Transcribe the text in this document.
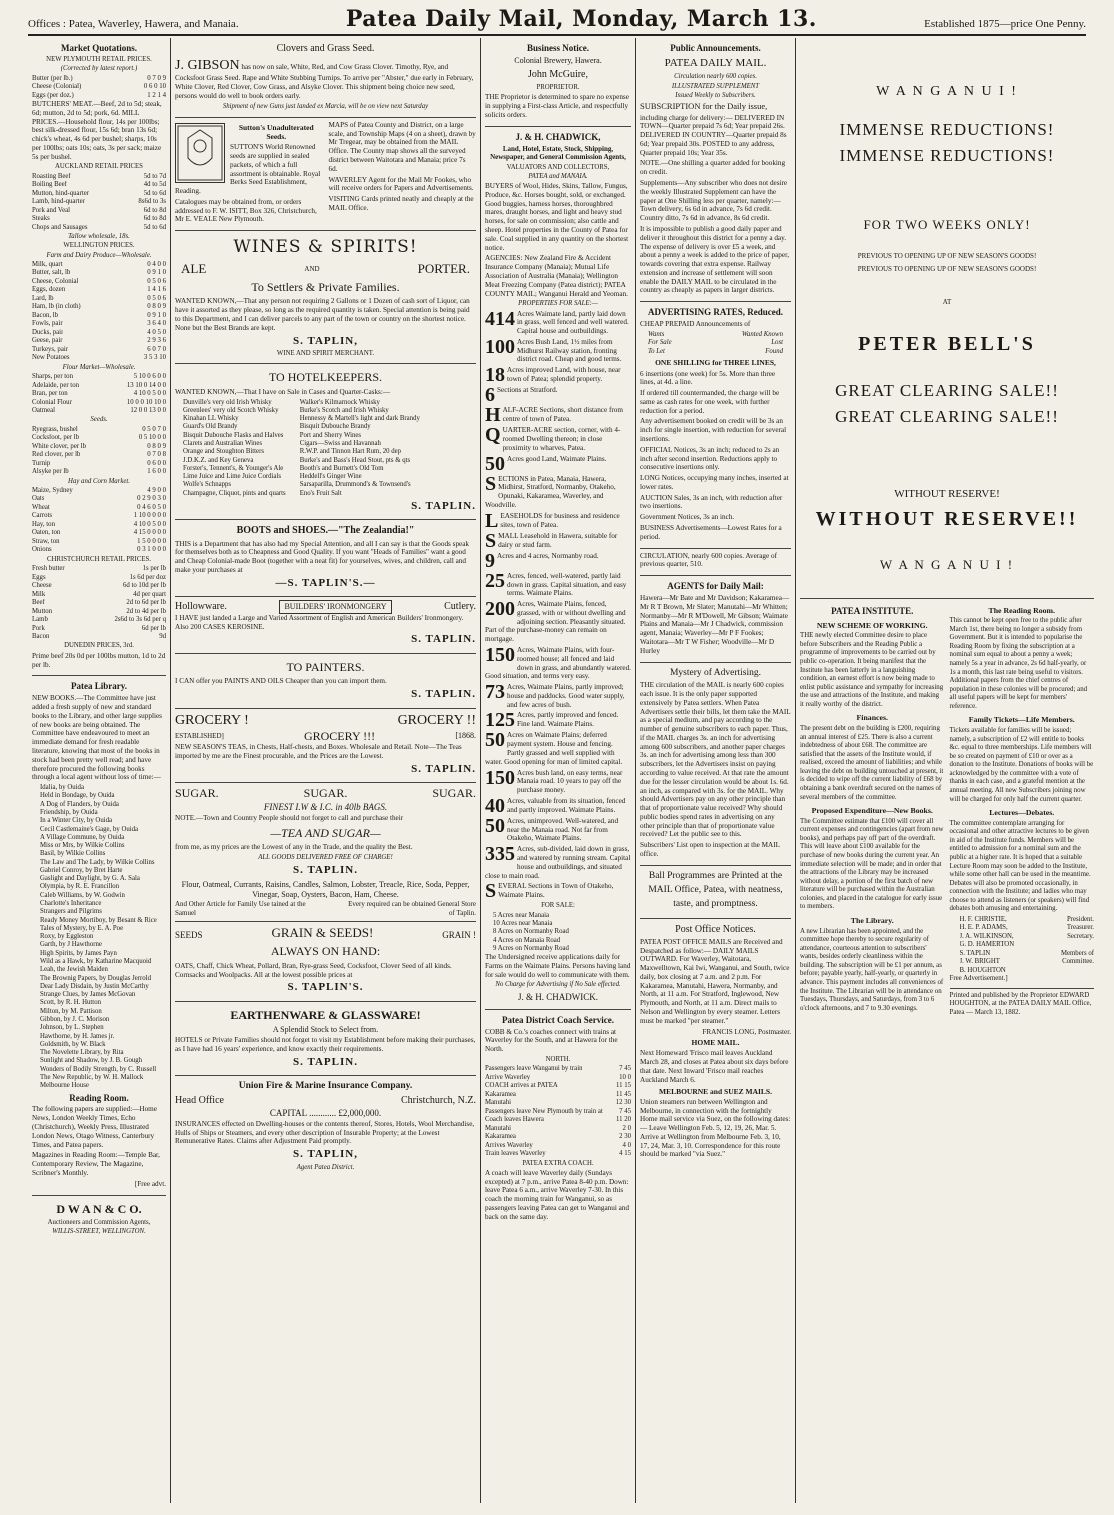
Offices : Patea, Waverley, Hawera, and Manaia.	Patea Daily Mail, Monday, March 13.	Established 1875—price One Penny.
Market Quotations.
NEW PLYMOUTH RETAIL PRICES.
(Corrected by latest report.)
Butter (per lb.)	0 7 0 9
Cheese (Colonial)	0 6 0 10
Eggs (per doz.)	1 2 1 4

BUTCHERS' MEAT.—Beef, 2d to 5d; steak, 6d; mutton, 2d to 5d; pork, 6d. MILL PRICES.—Household flour, 14s per 100lbs; best silk-dressed flour, 15s 6d; bran 13s 6d; chick's wheat, 4s 6d per bushel; sharps, 10s per 100lbs; oats 10s; oats, 3s per sack; maize 5s per bushel.

AUCKLAND RETAIL PRICES
Roasting Beef	5d to 7d
Boiling Beef	4d to 5d
Mutton, hind-quarter	5d to 6d
Lamb, hind-quarter	8s6d to 3s
Pork and Veal	6d to 8d
Steaks	6d to 8d
Chops and Sausages	5d to 6d
Tallow wholesale, 18s.
WELLINGTON PRICES.
Farm and Dairy Produce—Wholesale.
Milk, quart	0 4 0 0
Butter, salt, lb	0 9 1 0
Cheese, Colonial	0 5 0 6
Eggs, dozen	1 4 1 6
Lard, lb	0 5 0 6
Ham, lb (in cloth)	0 8 0 9
Bacon, lb	0 9 1 0
Fowls, pair	3 6 4 0
Ducks, pair	4 0 5 0
Geese, pair	2 9 3 6
Turkeys, pair	6 0 7 0
New Potatoes	3 5 3 10
Flour Market—Wholesale.
Sharps, per ton	5 10 0 6 0 0
Adelaide, per ton	13 10 0 14 0 0
Bran, per ton	4 10 0 5 0 0
Colonial Flour	10 0 0 10 10 0
Oatmeal	12 0 0 13 0 0
Seeds.
Ryegrass, bushel	0 5 0 7 0
Cocksfoot, per lb	0 5 10 0 0
White clover, per lb	0 8 0 9
Red clover, per lb	0 7 0 8
Turnip	0 6 0 0
Alsyke per lb	1 6 0 0
Hay and Corn Market.
Maize, Sydney	4 9 0 0
Oats	0 2 9 0 3 0
Wheat	0 4 6 0 5 0
Carrots	1 10 0 0 0 0
Hay, ton	4 10 0 5 0 0
Oaten, ton	4 15 0 0 0 0
Straw, ton	1 5 0 0 0 0
Onions	0 3 1 0 0 0
CHRISTCHURCH RETAIL PRICES.
Fresh butter	1s per lb
Eggs	1s 6d per doz
Cheese	6d to 10d per lb
Milk	4d per quart
Beef	2d to 6d per lb
Mutton	2d to 4d per lb
Lamb	2s6d to 3s 6d per q
Pork	6d per lb
Bacon	9d
DUNEDIN PRICES, 3rd.

Prime beef 20s 0d per 100lbs mutton, 1d to 2d per lb.

Patea Library.

NEW BOOKS.—The Committee have just added a fresh supply of new and standard books to the Library, and other large supplies of new books are being obtained. The Committee have endeavoured to meet an immediate demand for fresh readable literature, knowing that most of the books in stock had been pretty well read; and have therefore procured the following books through a local agent without loss of time:—

Idalia, by Ouida
Held in Bondage, by Ouida
A Dog of Flanders, by Ouida
Friendship, by Ouida
In a Winter City, by Ouida
Cecil Castlemaine's Gage, by Ouida
A Village Commune, by Ouida
Miss or Mrs, by Wilkie Collins
Basil, by Wilkie Collins
The Law and The Lady, by Wilkie Collins
Gabriel Conroy, by Bret Harte
Gaslight and Daylight, by G. A. Sala
Olympia, by R. E. Francillon
Caleb Williams, by W. Godwin
Charlotte's Inheritance
Strangers and Pilgrims
Ready Money Mortiboy, by Besant & Rice
Tales of Mystery, by E. A. Poe
Roxy, by Eggleston
Garth, by J Hawthorne
High Spirits, by James Payn
Wild as a Hawk, by Katharine Macquoid
Leah, the Jewish Maiden
The Brownig Papers, by Douglas Jerrold
Dear Lady Disdain, by Justin McCarthy
Strange Clues, by James McGovan
Scott, by R. H. Hutton
Milton, by M. Pattison
Gibbon, by J. C. Morison
Johnson, by L. Stephen
Hawthorne, by H. James jr.
Goldsmith, by W. Black
The Novelette Library, by Rita
Sunlight and Shadow, by J. B. Gough
Wonders of Bodily Strength, by C. Russell
The New Republic, by W. H. Mallock
Melbourne House
Reading Room.

The following papers are supplied:—Home News, London Weekly Times, Echo (Christchurch), Weekly Press, Illustrated London News, Otago Witness, Canterbury Times, and Patea papers.

Magazines in Reading Room:—Temple Bar, Contemporary Review, The Magazine, Scribner's Monthly.

[Free advt.

D W A N & C O.
Auctioneers and Commission Agents,
WILLIS-STREET, WELLINGTON.
Clovers and Grass Seed.

J. GIBSON has now on sale, White, Red, and Cow Grass Clover. Timothy, Rye, and Cocksfoot Grass Seed. Rape and White Stubbing Turnips. To arrive per "Abster," due early in February, White Clover, Red Clover, Cow Grass, and Alsyke Clover. This shipment being choice new seed, persons would do well to book orders early.

Shipment of new Guns just landed ex Marcia, will be on view next Saturday

Sutton's Unadulterated Seeds.

SUTTON'S World Renowned seeds are supplied in sealed packets, of which a full assortment is obtainable. Royal Berks Seed Establishment, Reading.

Catalogues may be obtained from, or orders addressed to F. W. ISITT, Box 326, Christchurch, Mr E. VEALE New Plymouth.

MAPS of Patea County and District, on a large scale, and Township Maps (4 on a sheet), drawn by Mr Tregear, may be obtained from the MAIL Office. The County map shows all the surveyed district between Waitotara and Manaia; price 7s 6d.

WAVERLEY Agent for the Mail Mr Fookes, who will receive orders for Papers and Advertisements.

VISITING Cards printed neatly and cheaply at the MAIL Office.

WINES & SPIRITS!
ALE	AND	PORTER.
To Settlers & Private Families.

WANTED KNOWN,—That any person not requiring 2 Gallons or 1 Dozen of cash sort of Liquor, can have it assorted as they please, so long as the required quantity is taken. Special attention is being paid to this Department, and I can deliver parcels to any part of the town or country on the shortest notice. None but the Best Brands are kept.

S. TAPLIN,
WINE AND SPIRIT MERCHANT.
TO HOTELKEEPERS.

WANTED KNOWN,—That I have on Sale in Cases and Quarter-Casks:—

Dunville's very old Irish Whisky
Greenlees' very old Scotch Whisky
Kinahan LL Whisky
Guard's Old Brandy
Bisquit Dubouche Flasks and Halves
Clarets and Australian Wines
Orange and Stoughton Bitters
J.D.K.Z. and Key Geneva
Forster's, Tennent's, & Younger's Ale
Lime Juice and Lime Juice Cordials
Wolfe's Schnapps
Champagne, Cliquot, pints and quarts
Walker's Kilmarnock Whisky
Burke's Scotch and Irish Whisky
Hennessy & Martell's light and dark Brandy
Bisquit Dubouche Brandy
Port and Sherry Wines
Cigars—Swiss and Havannah
R.W.P. and Tinnon Hart Rum, 20 dep
Burke's and Bass's Head Stout, pts & qts
Booth's and Burnett's Old Tom
Heddell's Ginger Wine
Sarsaparilla, Drummond's & Townsend's
Eno's Fruit Salt
S. TAPLIN.
BOOTS and SHOES.—"The Zealandia!"

THIS is a Department that has also had my Special Attention, and all I can say is that the Goods speak for themselves both as to Cheapness and Good Quality. If you want "Heads of Families" want a good and Cheap Colonial-made Boot (together with a neat fit) for yourselves, wives, and children, call and make your purchases at

—S. TAPLIN'S.—
Hollowware.	BUILDERS' IRONMONGERY	Cutlery.

I HAVE just landed a Large and Varied Assortment of English and American Builders' Ironmongery. Also 200 CASES KEROSINE.

S. TAPLIN.
TO PAINTERS.

I CAN offer you PAINTS AND OILS Cheaper than you can import them.

S. TAPLIN.
GROCERY !	GROCERY !!
ESTABLISHED]	GROCERY !!!	[1868.

NEW SEASON'S TEAS, in Chests, Half-chests, and Boxes. Wholesale and Retail. Note—The Teas imported by me are the Finest procurable, and the Prices are the Lowest.

S. TAPLIN.
SUGAR.	SUGAR.	SUGAR.
FINEST I.W & I.C. in 40lb BAGS.

NOTE.—Town and Country People should not forget to call and purchase their

—TEA AND SUGAR—

from me, as my prices are the Lowest of any in the Trade, and the quality the Best.

ALL GOODS DELIVERED FREE OF CHARGE!
S. TAPLIN.
Flour, Oatmeal, Currants, Raisins, Candles, Salmon, Lobster, Treacle, Rice, Soda, Pepper, Vinegar, Soap, Oysters, Bacon, Ham, Cheese.
And Other Article for Family Use tained at the Samuel
Every required can be obtained General Store of Taplin.
SEEDS	GRAIN & SEEDS!	GRAIN !
ALWAYS ON HAND:

OATS, Chaff, Chick Wheat, Pollard, Bran, Rye-grass Seed, Cocksfoot, Clover Seed of all kinds. Cornsacks and Woolpacks. All at the lowest possible prices at

S. TAPLIN'S.
EARTHENWARE & GLASSWARE!
A Splendid Stock to Select from.

HOTELS or Private Families should not forget to visit my Establishment before making their purchases, as I have had 16 years' experience, and know exactly their requirements.

S. TAPLIN.
Union Fire & Marine Insurance Company.
Head Office	Christchurch, N.Z.
CAPITAL ............ £2,000,000.

INSURANCES effected on Dwelling-houses or the contents thereof, Stores, Hotels, Wool Merchandise, Hulls of Ships or Steamers, and every other description of Insurable Property; at the Lowest Remunerative Rates. Claims after Adjustment Paid promptly.

S. TAPLIN,
Agent Patea District.
Business Notice.
Colonial Brewery, Hawera.
John McGuire,
PROPRIETOR.

THE Proprietor is determined to spare no expense in supplying a First-class Article, and respectfully solicits orders.

J. & H. CHADWICK,
Land, Hotel, Estate, Stock, Shipping, Newspaper, and General Commission Agents,
VALUATORS AND COLLECTORS,
PATEA and MANAIA.

BUYERS of Wool, Hides, Skins, Tallow, Fungus, Produce, &c. Horses bought, sold, or exchanged. Good buggies, harness horses, thoroughbred mares, draught horses, and light and heavy stud horses, for sale on commission; also cattle and sheep. Hotel properties in the County of Patea for sale. Coal supplied in any quantity on the shortest notice.

AGENCIES: New Zealand Fire & Accident Insurance Company (Manaia); Mutual Life Association of Australia (Manaia); Wellington Meat Freezing Company (Patea district); PATEA COUNTY MAIL; Wanganui Herald and Yeoman.

PROPERTIES FOR SALE:—

414 Acres Waimate land, partly laid down in grass, well fenced and well watered. Capital house and outbuildings.

100 Acres Bush Land, 1½ miles from Midhurst Railway station, fronting district road. Cheap and good terms.

18 Acres improved Land, with house, near town of Patea; splendid property.

6 Sections at Stratford.

HALF-ACRE Sections, short distance from centre of town of Patea.

QUARTER-ACRE section, corner, with 4-roomed Dwelling thereon; in close proximity to wharves, Patea.

50 Acres good Land, Waimate Plains.

SECTIONS in Patea, Manaia, Hawera, Midhirst, Stratford, Normanby, Otakeho, Opunaki, Kakaramea, Waverley, and Woodville.

LEASEHOLDS for business and residence sites, town of Patea.

SMALL Leasehold in Hawera, suitable for dairy or stud farm.

9 Acres and 4 acres, Normanby road.

25 Acres, fenced, well-watered, partly laid down in grass. Capital situation, and easy terms. Waimate Plains.

200 Acres, Waimate Plains, fenced, grassed, with or without dwelling and adjoining section. Pleasantly situated. Part of the purchase-money can remain on mortgage.

150 Acres, Waimate Plains, with four-roomed house; all fenced and laid down in grass, and abundantly watered. Good situation, and terms very easy.

73 Acres, Waimate Plains, partly improved; house and paddocks. Good water supply, and few acres of bush.

125 Acres, partly improved and fenced. Fine land. Waimate Plains.

50 Acres on Waimate Plains; deferred payment system. House and fencing. Partly grassed and well supplied with water. Good opening for man of limited capital.

150 Acres bush land, on easy terms, near Manaia road. 10 years to pay off the purchase money.

40 Acres, valuable from its situation, fenced and partly improved. Waimate Plains.

50 Acres, unimproved. Well-watered, and near the Manaia road. Not far from Otakeho, Waimate Plains.

335 Acres, sub-divided, laid down in grass, and watered by running stream. Capital house and outbuildings, and situated close to main road.

SEVERAL Sections in Town of Otakeho, Waimate Plains.

FOR SALE:
5 Acres near Manaia
10 Acres near Manaia
8 Acres on Normanby Road
4 Acres on Manaia Road
9 Acres on Normanby Road

The Undersigned receive applications daily for Farms on the Waimate Plains. Persons having land for sale would do well to communicate with them.

No Charge for Advertising if No Sale effected.
J. & H. CHADWICK.
Patea District Coach Service.

COBB & Co.'s coaches connect with trains at Waverley for the South, and at Hawera for the North.

NORTH.
Passengers leave Wanganui by train	7 45
Arrive Waverley	10 0
COACH arrives at PATEA	11 15
Kakaramea	11 45
Manutahi	12 30
Passengers leave New Plymouth by train at 7 45
Coach leaves Hawera	11 20
Manutahi	2 0
Kakaramea	2 30
Arrives Waverley	4 0
Train leaves Waverley	4 15
PATEA EXTRA COACH.

A coach will leave Waverley daily (Sundays excepted) at 7 p.m., arrive Patea 8-40 p.m. Down: leave Patea 6 a.m., arrive Waverley 7-30. In this coach the morning train for Wanganui, so as passengers leaving Patea can get to Wanganui and back on the same day.

Public Announcements.
PATEA DAILY MAIL.
Circulation nearly 600 copies.
ILLUSTRATED SUPPLEMENT
Issued Weekly to Subscribers.

SUBSCRIPTION for the Daily issue,

including charge for delivery:— DELIVERED IN TOWN—Quarter prepaid 7s 6d; Year prepaid 26s. DELIVERED IN COUNTRY—Quarter prepaid 8s 6d; Year prepaid 30s. POSTED to any address, Quarter prepaid 10s; Year 35s.

NOTE.—One shilling a quarter added for booking on credit.

Supplements—Any subscriber who does not desire the weekly Illustrated Supplement can have the paper at One Shilling less per quarter, namely:—Town delivery, 6s 6d in advance, 7s 6d credit. Country ditto, 7s 6d in advance, 8s 6d credit.

It is impossible to publish a good daily paper and deliver it throughout this district for a penny a day. The expense of delivery is over £5 a week, and about a penny a week is added to the price of paper, towards covering that extra expense. Railway extension and increase of settlement will soon enable the DAILY MAIL to be circulated in the country as cheaply as papers in larger districts.

ADVERTISING RATES, Reduced.

CHEAP PREPAID Announcements of

Wants	Wanted Known
For Sale	Lost
To Let	Found
ONE SHILLING for THREE LINES,

6 insertions (one week) for 5s. More than three lines, at 4d. a line.

If ordered till countermanded, the charge will be same as cash rates for one week, with further reduction for a period.

Any advertisement booked on credit will be 3s an inch for single insertion, with reduction for several insertions.

OFFICIAL Notices, 3s an inch; reduced to 2s an inch after second insertion. Reductions apply to consecutive insertions only.

LONG Notices, occupying many inches, inserted at lower rates.

AUCTION Sales, 3s an inch, with reduction after two insertions.

Government Notices, 3s an inch.

BUSINESS Advertisements—Lowest Rates for a period.

CIRCULATION, nearly 600 copies. Average of previous quarter, 510.

AGENTS for Daily Mail:

Hawera—Mr Bate and Mr Davidson; Kakaramea—Mr R T Brown, Mr Slater; Manutahi—Mr Whitten; Normanby—Mr R M'Dowell, Mr Gibson; Waimate Plains and Manaia—Mr J Chadwick, commission agent, Manaia; Waverley—Mr P F Fookes; Waitotara—Mr T W Fisher; Woodville—Mr D Hurley

Mystery of Advertising.

THE circulation of the MAIL is nearly 600 copies each issue. It is the only paper supported extensively by Patea settlers. When Patea Advertisers settle their bills, let them take the MAIL as a special medium, and pay according to the number of genuine subscribers to each paper. Thus, if the MAIL charges 3s. an inch for advertising among 600 subscribers, and another paper charges 3s. an inch for advertising among less than 300 subscribers, let the Advertisers insist on paying according to value received. At that rate the amount due for the lesser circulation would be about 1s. 6d. an inch, as compared with 3s. for the MAIL. Why should Advertisers pay on any other principle than that of proportionate value received? Why should public bodies spend rates in advertising on any other principle than that of proportionate value received? Let the public see to this.

Subscribers' List open to inspection at the MAIL office.

Ball Programmes are Printed at the MAIL Office, Patea, with neatness, taste, and promptness.

Post Office Notices.

PATEA POST OFFICE MAILS are Received and Despatched as follow:— DAILY MAILS OUTWARD. For Waverley, Waitotara, Maxwelltown, Kai Iwi, Wanganui, and South, twice daily, box closing at 7 a.m. and 2 p.m. For Kakaramea, Manutahi, Hawera, Normanby, and North, at 11 a.m. For Stratford, Inglewood, New Plymouth, and North, at 11 a.m. Direct mails to Nelson and Wellington by every steamer. Letters must be marked "per steamer."

FRANCIS LONG, Postmaster.

HOME MAIL.

Next Homeward 'Frisco mail leaves Auckland March 28, and closes at Patea about six days before that date. Next Inward 'Frisco mail reaches Auckland March 6.

MELBOURNE and SUEZ MAILS.

Union steamers run between Wellington and Melbourne, in connection with the fortnightly Home mail service via Suez, on the following dates:— Leave Wellington Feb. 5, 12, 19, 26, Mar. 5. Arrive at Wellington from Melbourne Feb. 3, 10, 17, 24, Mar. 3, 10. Correspondence for this route should be marked "via Suez."

W A N G A N U I !
IMMENSE REDUCTIONS!
IMMENSE REDUCTIONS!
FOR TWO WEEKS ONLY!
PREVIOUS TO OPENING UP OF NEW SEASON'S GOODS!
PREVIOUS TO OPENING UP OF NEW SEASON'S GOODS!
AT
PETER BELL'S
GREAT CLEARING SALE!!
GREAT CLEARING SALE!!
WITHOUT RESERVE!
WITHOUT RESERVE!!
W A N G A N U I !
PATEA INSTITUTE.
NEW SCHEME OF WORKING.

THE newly elected Committee desire to place before Subscribers and the Reading Public a programme of improvements to be carried out by public co-operation. It being manifest that the Institute has been latterly in a languishing condition, an earnest effort is now being made to enlist public assistance and sympathy for increasing the use and attractions of the Institute, and making it really worthy of the district.

Finances.

The present debt on the building is £200, requiring an annual interest of £25. There is also a current indebtedness of about £68. The committee are satisfied that the assets of the Institute would, if realised, exceed the amount of liabilities; and while leaving the debt on building untouched at present, it is decided to wipe off the current liability of £68 by obtaining a bank overdraft secured on the names of several members of the committee.

Proposed Expenditure—New Books.

The Committee estimate that £100 will cover all current expenses and contingencies (apart from new books), and perhaps pay off part of the overdraft. This will leave about £100 available for the purchase of new books during the current year. An immediate selection will be made; and in order that the attractions of the Library may be increased without delay, a portion of the first batch of new literature will be purchased within the Australian colonies, and placed in the catalogue for early issue to members.

The Library.

A new Librarian has been appointed, and the committee hope thereby to secure regularity of attendance, courteous attention to subscribers' wants, besides orderly cleanliness within the building. The subscription will be £1 per annum, as before; payable yearly, half-yearly, or quarterly in advance. This payment includes all conveniences of the Institute. The Librarian will be in attendance on Tuesdays, Thursdays, and Saturdays, from 3 to 6 o'clock afternoons, and 7 to 9.30 evenings.

The Reading Room.

This cannot be kept open free to the public after March 1st, there being no longer a subsidy from Government. But it is intended to popularise the Reading Room by fixing the subscription at a nominal sum equal to about a penny a week; namely 5s a year in advance, 2s 6d half-yearly, or 1s a month, this last rate being useful to visitors. Additional papers from the chief centres of population in these colonies will be procured; and all useful papers will be kept for members' reference.

Family Tickets—Life Members.

Tickets available for families will be issued; namely, a subscription of £2 will entitle to books &c. equal to three memberships. Life members will be so created on payment of £10 or over as a donation to the Institute. Donations of books will be acknowledged by the committee with a vote of thanks in each case, and a grateful mention at the annual meeting. All new Subscribers joining now will be charged for only half the current quarter.

Lectures—Debates.

The committee contemplate arranging for occasional and other attractive lectures to be given in aid of the Institute funds. Members will be entitled to admission for a nominal sum and the public at a higher rate. It is hoped that a suitable Lecture Room may soon be added to the Institute, while some other hall can be used in the meantime. Debates will also be promoted occasionally, in connection with the Institute; and ladies who may choose to attend as listeners (or speakers) will find debates both amusing and entertaining.

H. F. CHRISTIE,	President.
H. E. P. ADAMS,	Treasurer.
J. A. WILKINSON,	Secretary.
G. D. HAMERTON
S. TAPLIN	Members of
J. W. BRIGHT	Committee.
B. HOUGHTON

Free Advertisement.]

Printed and published by the Proprietor EDWARD HOUGHTON, at the PATEA DAILY MAIL Office, Patea — March 13, 1882.
